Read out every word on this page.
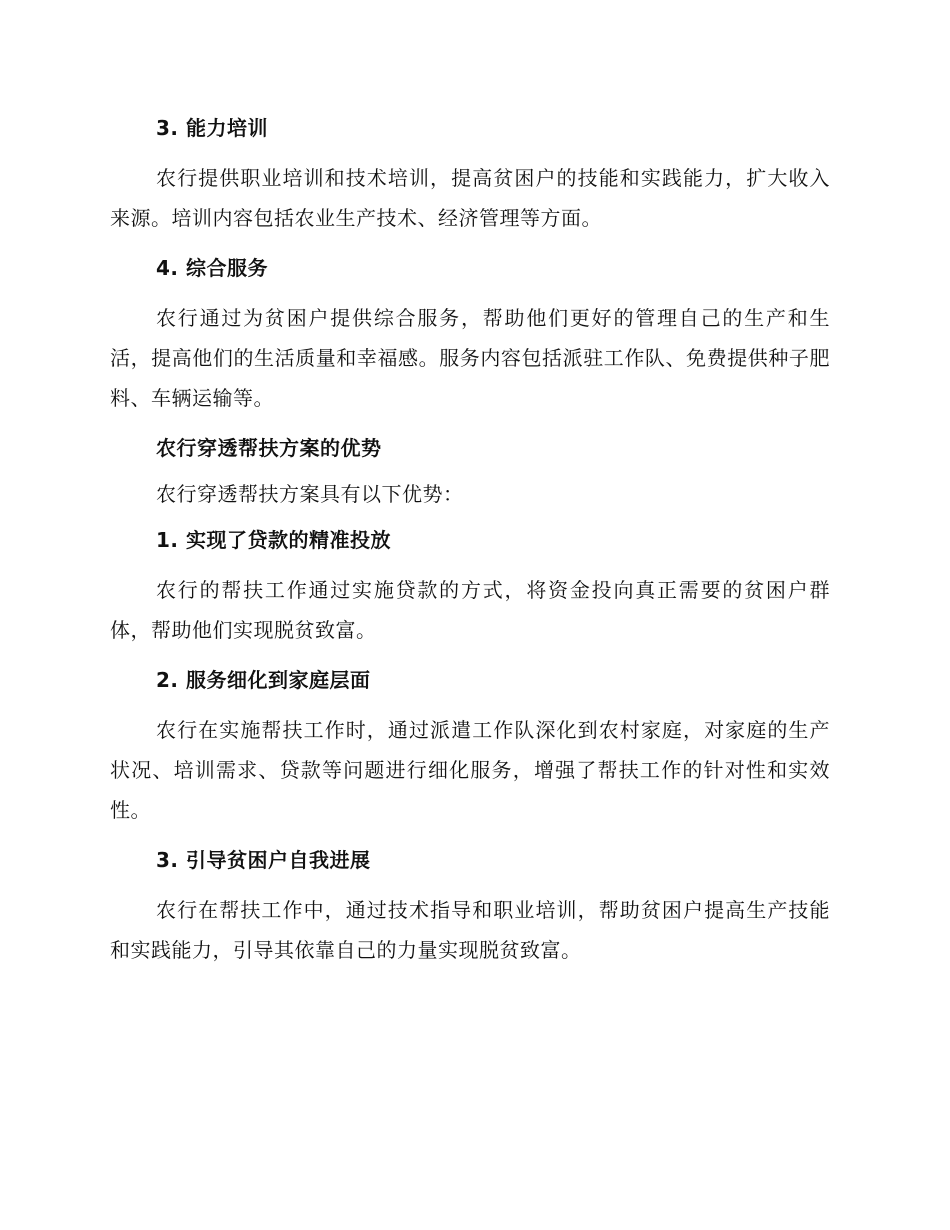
3. 能力培训

农行提供职业培训和技术培训，提高贫困户的技能和实践能力，扩大收入来源。培训内容包括农业生产技术、经济管理等方面。

4. 综合服务

农行通过为贫困户提供综合服务，帮助他们更好的管理自己的生产和生活，提高他们的生活质量和幸福感。服务内容包括派驻工作队、免费提供种子肥料、车辆运输等。

农行穿透帮扶方案的优势

农行穿透帮扶方案具有以下优势：

1. 实现了贷款的精准投放

农行的帮扶工作通过实施贷款的方式，将资金投向真正需要的贫困户群体，帮助他们实现脱贫致富。

2. 服务细化到家庭层面

农行在实施帮扶工作时，通过派遣工作队深化到农村家庭，对家庭的生产状况、培训需求、贷款等问题进行细化服务，增强了帮扶工作的针对性和实效性。

3. 引导贫困户自我进展

农行在帮扶工作中，通过技术指导和职业培训，帮助贫困户提高生产技能和实践能力，引导其依靠自己的力量实现脱贫致富。
